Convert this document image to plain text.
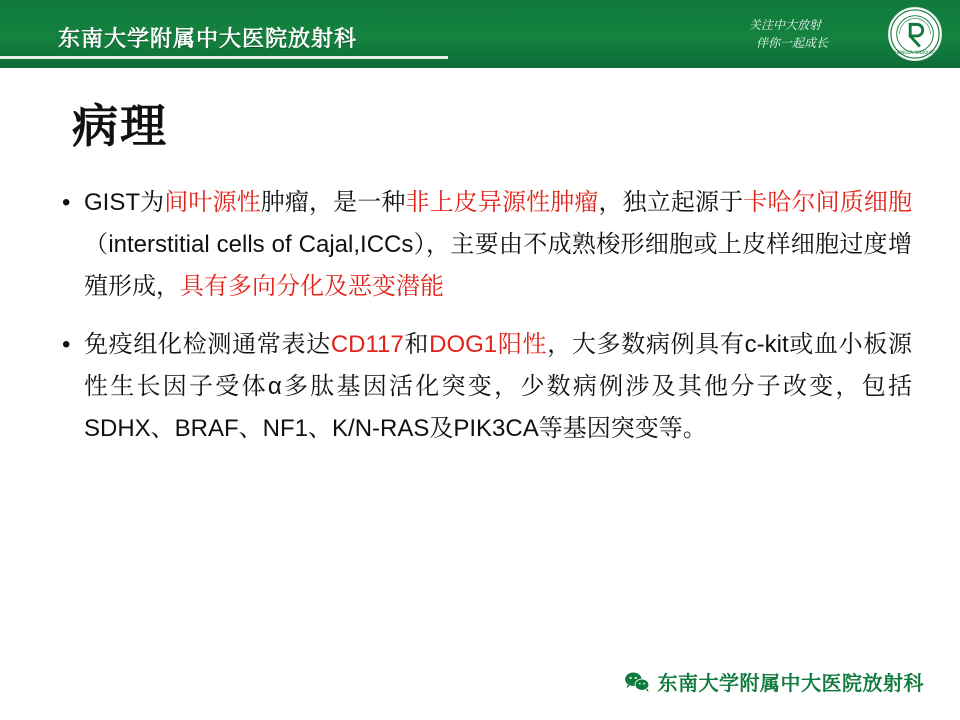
东南大学附属中大医院放射科
关注中大放射
伴你一起成长
ZHONGDA RADIOLOGY
病理
• GIST为间叶源性肿瘤，是一种非上皮异源性肿瘤，独立起源于卡哈尔间质细胞（interstitial cells of Cajal,ICCs），主要由不成熟梭形细胞或上皮样细胞过度增殖形成，具有多向分化及恶变潜能
• 免疫组化检测通常表达CD117和DOG1阳性，大多数病例具有c-kit或血小板源性生长因子受体α多肽基因活化突变，少数病例涉及其他分子改变，包括SDHX、BRAF、NF1、K/N-RAS及PIK3CA等基因突变等。
东南大学附属中大医院放射科
